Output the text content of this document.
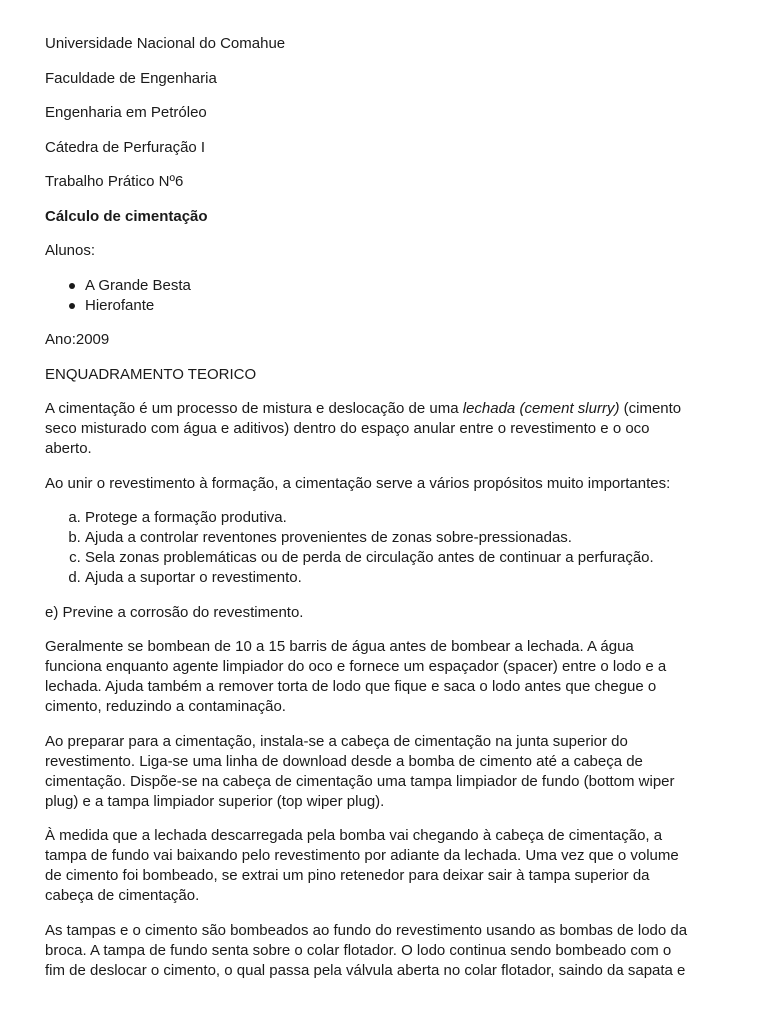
Universidade Nacional do Comahue

Faculdade de Engenharia

Engenharia em Petróleo

Cátedra de Perfuração I

Trabalho Prático Nº6

Cálculo de cimentação

Alunos:

A Grande Besta
Hierofante

Ano:2009

ENQUADRAMENTO TEORICO

A cimentação é um processo de mistura e deslocação de uma lechada (cement slurry) (cimento
seco misturado com água e aditivos) dentro do espaço anular entre o revestimento e o oco
aberto.

Ao unir o revestimento à formação, a cimentação serve a vários propósitos muito importantes:

a. Protege a formação produtiva.
b. Ajuda a controlar reventones provenientes de zonas sobre-pressionadas.
c. Sela zonas problemáticas ou de perda de circulação antes de continuar a perfuração.
d. Ajuda a suportar o revestimento.

e) Previne a corrosão do revestimento.

Geralmente se bombean de 10 a 15 barris de água antes de bombear a lechada. A água
funciona enquanto agente limpiador do oco e fornece um espaçador (spacer) entre o lodo e a
lechada. Ajuda também a remover torta de lodo que fique e saca o lodo antes que chegue o
cimento, reduzindo a contaminação.

Ao preparar para a cimentação, instala-se a cabeça de cimentação na junta superior do
revestimento. Liga-se uma linha de download desde a bomba de cimento até a cabeça de
cimentação. Dispõe-se na cabeça de cimentação uma tampa limpiador de fundo (bottom wiper
plug) e a tampa limpiador superior (top wiper plug).

À medida que a lechada descarregada pela bomba vai chegando à cabeça de cimentação, a
tampa de fundo vai baixando pelo revestimento por adiante da lechada. Uma vez que o volume
de cimento foi bombeado, se extrai um pino retenedor para deixar sair à tampa superior da
cabeça de cimentação.

As tampas e o cimento são bombeados ao fundo do revestimento usando as bombas de lodo da
broca. A tampa de fundo senta sobre o colar flotador. O lodo continua sendo bombeado com o
fim de deslocar o cimento, o qual passa pela válvula aberta no colar flotador, saindo da sapata e
